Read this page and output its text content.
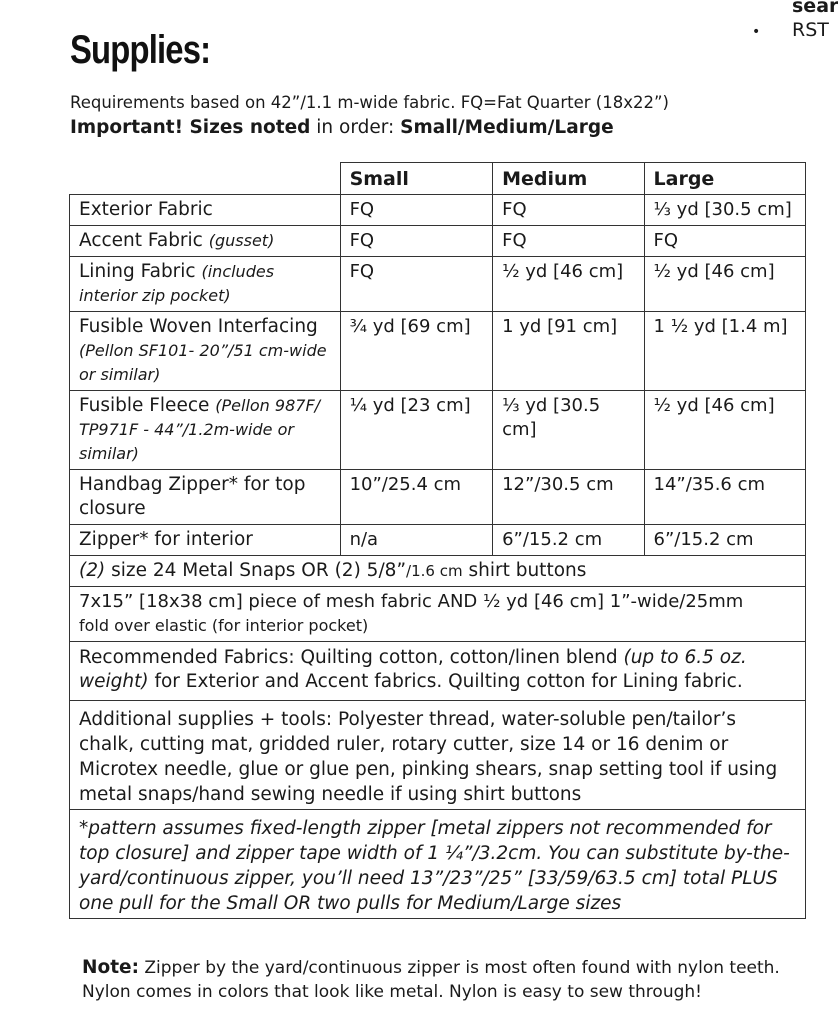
sear
• RST
Supplies:
Requirements based on 42”/1.1 m-wide fabric. FQ=Fat Quarter (18x22”)
Important! Sizes noted in order: Small/Medium/Large
	Small	Medium	Large
Exterior Fabric	FQ	FQ	⅓ yd [30.5 cm]
Accent Fabric (gusset)	FQ	FQ	FQ
Lining Fabric (includes interior zip pocket)	FQ	½ yd [46 cm]	½ yd [46 cm]
Fusible Woven Interfacing (Pellon SF101- 20”/51 cm-wide or similar)	¾ yd [69 cm]	1 yd [91 cm]	1 ½ yd [1.4 m]
Fusible Fleece (Pellon 987F/ TP971F - 44”/1.2m-wide or similar)	¼ yd [23 cm]	⅓ yd [30.5 cm]	½ yd [46 cm]
Handbag Zipper* for top closure	10”/25.4 cm	12”/30.5 cm	14”/35.6 cm
Zipper* for interior	n/a	6”/15.2 cm	6”/15.2 cm
(2) size 24 Metal Snaps OR (2) 5/8”/1.6 cm shirt buttons			
7x15” [18x38 cm] piece of mesh fabric AND ½ yd [46 cm] 1”-wide/25mm
fold over elastic (for interior pocket)			
Recommended Fabrics: Quilting cotton, cotton/linen blend (up to 6.5 oz. weight) for Exterior and Accent fabrics. Quilting cotton for Lining fabric.			
Additional supplies + tools: Polyester thread, water-soluble pen/tailor’s chalk, cutting mat, gridded ruler, rotary cutter, size 14 or 16 denim or Microtex needle, glue or glue pen, pinking shears, snap setting tool if using metal snaps/hand sewing needle if using shirt buttons			
*pattern assumes fixed-length zipper [metal zippers not recommended for top closure] and zipper tape width of 1 ¼”/3.2cm. You can substitute by-the-yard/continuous zipper, you’ll need 13”/23”/25” [33/59/63.5 cm] total PLUS one pull for the Small OR two pulls for Medium/Large sizes			
Note: Zipper by the yard/continuous zipper is most often found with nylon teeth. Nylon comes in colors that look like metal. Nylon is easy to sew through!
